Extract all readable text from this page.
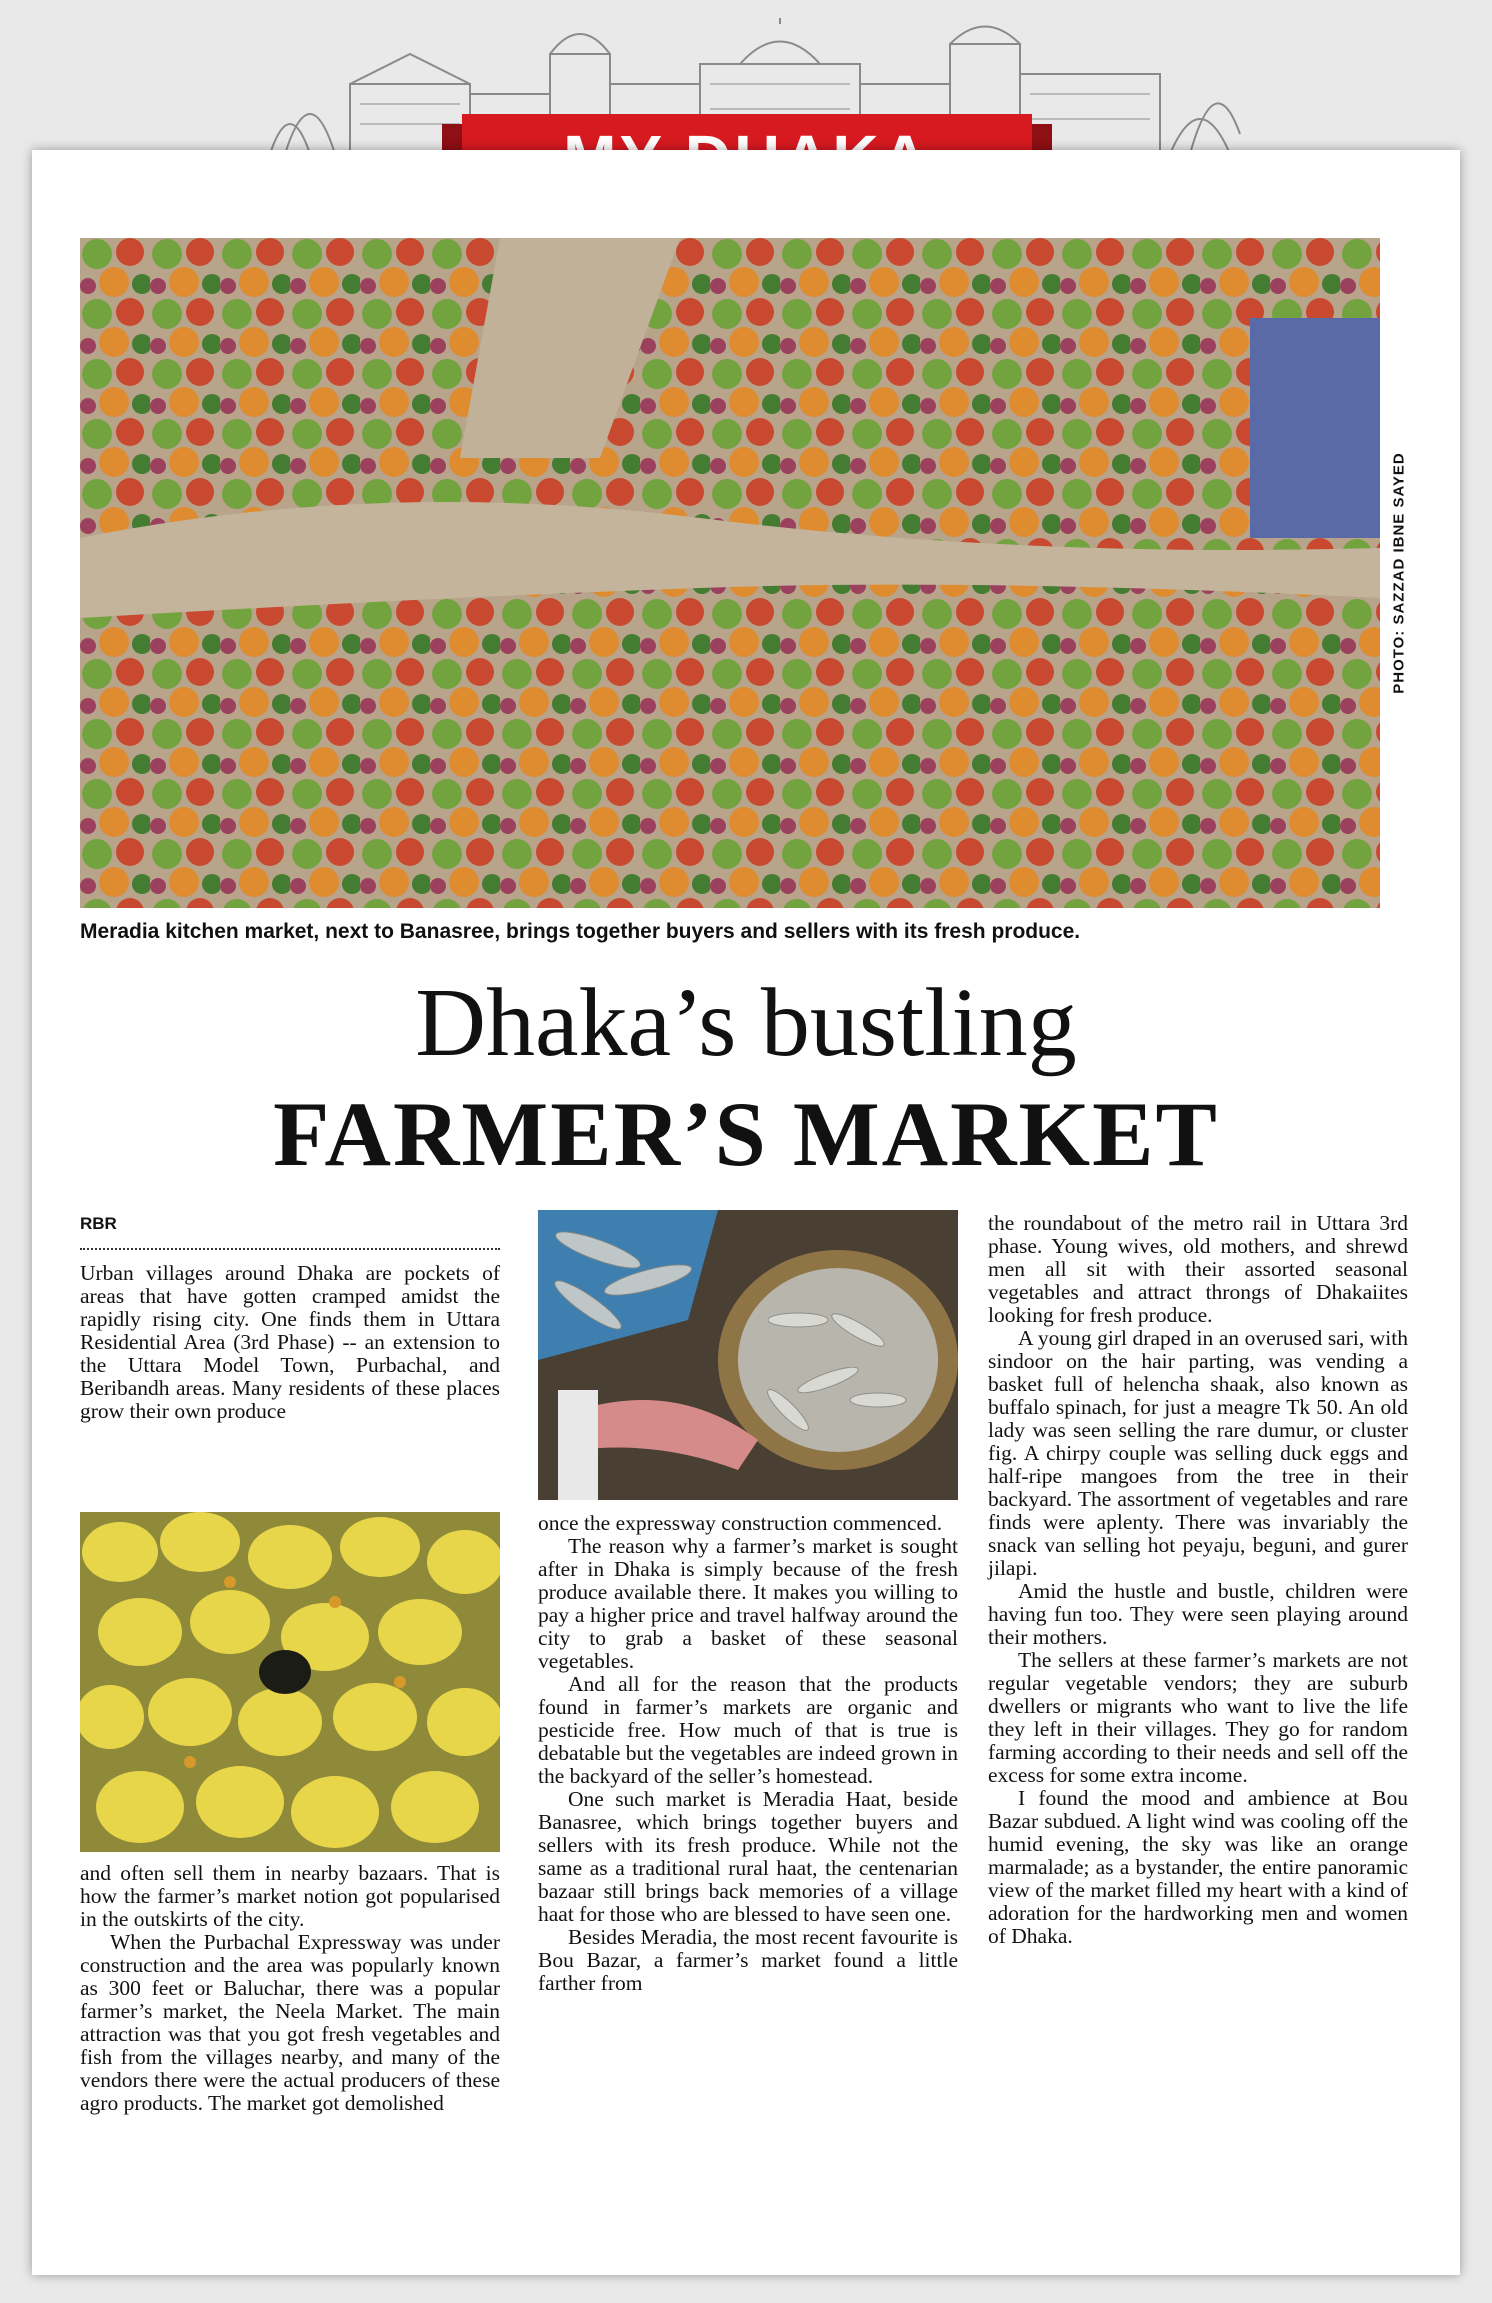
PHOTO: SAZZAD IBNE SAYED
Meradia kitchen market, next to Banasree, brings together buyers and sellers with its fresh produce.
Dhaka’s bustling
FARMER’S MARKET
RBR

Urban villages around Dhaka are pockets of areas that have gotten cramped amidst the rapidly rising city. One finds them in Uttara Residential Area (3rd Phase) -- an extension to the Uttara Model Town, Purbachal, and Beribandh areas. Many residents of these places grow their own produce

and often sell them in nearby bazaars. That is how the farmer’s market notion got popularised in the outskirts of the city.

When the Purbachal Expressway was under construction and the area was popularly known as 300 feet or Baluchar, there was a popular farmer’s market, the Neela Market. The main attraction was that you got fresh vegetables and fish from the villages nearby, and many of the vendors there were the actual producers of these agro products. The market got demolished

once the expressway construction commenced.

The reason why a farmer’s market is sought after in Dhaka is simply because of the fresh produce available there. It makes you willing to pay a higher price and travel halfway around the city to grab a basket of these seasonal vegetables.

And all for the reason that the products found in farmer’s markets are organic and pesticide free. How much of that is true is debatable but the vegetables are indeed grown in the backyard of the seller’s homestead.

One such market is Meradia Haat, beside Banasree, which brings together buyers and sellers with its fresh produce. While not the same as a traditional rural haat, the centenarian bazaar still brings back memories of a village haat for those who are blessed to have seen one.

Besides Meradia, the most recent favourite is Bou Bazar, a farmer’s market found a little farther from

the roundabout of the metro rail in Uttara 3rd phase. Young wives, old mothers, and shrewd men all sit with their assorted seasonal vegetables and attract throngs of Dhakaiites looking for fresh produce.

A young girl draped in an overused sari, with sindoor on the hair parting, was vending a basket full of helencha shaak, also known as buffalo spinach, for just a meagre Tk 50. An old lady was seen selling the rare dumur, or cluster fig. A chirpy couple was selling duck eggs and half-ripe mangoes from the tree in their backyard. The assortment of vegetables and rare finds were aplenty. There was invariably the snack van selling hot peyaju, beguni, and gurer jilapi.

Amid the hustle and bustle, children were having fun too. They were seen playing around their mothers.

The sellers at these farmer’s markets are not regular vegetable vendors; they are suburb dwellers or migrants who want to live the life they left in their villages. They go for random farming according to their needs and sell off the excess for some extra income.

I found the mood and ambience at Bou Bazar subdued. A light wind was cooling off the humid evening, the sky was like an orange marmalade; as a bystander, the entire panoramic view of the market filled my heart with a kind of adoration for the hardworking men and women of Dhaka.
